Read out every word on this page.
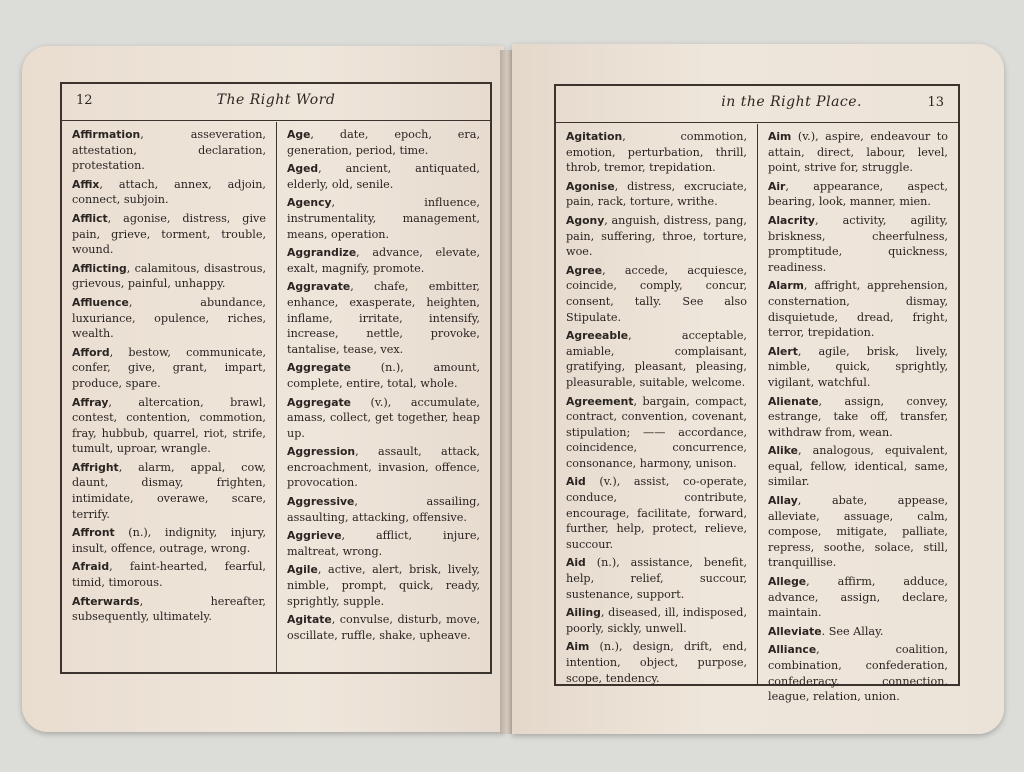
12	The Right Word

Affirmation, asseveration, attestation, declaration, protestation.

Affix, attach, annex, adjoin, connect, subjoin.

Afflict, agonise, distress, give pain, grieve, torment, trouble, wound.

Afflicting, calamitous, disastrous, grievous, painful, unhappy.

Affluence, abundance, luxuriance, opulence, riches, wealth.

Afford, bestow, communicate, confer, give, grant, impart, produce, spare.

Affray, altercation, brawl, contest, contention, commotion, fray, hubbub, quarrel, riot, strife, tumult, uproar, wrangle.

Affright, alarm, appal, cow, daunt, dismay, frighten, intimidate, overawe, scare, terrify.

Affront (n.), indignity, injury, insult, offence, outrage, wrong.

Afraid, faint-hearted, fearful, timid, timorous.

Afterwards, hereafter, subsequently, ultimately.

Age, date, epoch, era, generation, period, time.

Aged, ancient, antiquated, elderly, old, senile.

Agency, influence, instrumentality, management, means, operation.

Aggrandize, advance, elevate, exalt, magnify, promote.

Aggravate, chafe, embitter, enhance, exasperate, heighten, inflame, irritate, intensify, increase, nettle, provoke, tantalise, tease, vex.

Aggregate (n.), amount, complete, entire, total, whole.

Aggregate (v.), accumulate, amass, collect, get together, heap up.

Aggression, assault, attack, encroachment, invasion, offence, provocation.

Aggressive, assailing, assaulting, attacking, offensive.

Aggrieve, afflict, injure, maltreat, wrong.

Agile, active, alert, brisk, lively, nimble, prompt, quick, ready, sprightly, supple.

Agitate, convulse, disturb, move, oscillate, ruffle, shake, upheave.

in the Right Place.	13

Agitation, commotion, emotion, perturbation, thrill, throb, tremor, trepidation.

Agonise, distress, excruciate, pain, rack, torture, writhe.

Agony, anguish, distress, pang, pain, suffering, throe, torture, woe.

Agree, accede, acquiesce, coincide, comply, concur, consent, tally. See also Stipulate.

Agreeable, acceptable, amiable, complaisant, gratifying, pleasant, pleasing, pleasurable, suitable, welcome.

Agreement, bargain, compact, contract, convention, covenant, stipulation; —— accordance, coincidence, concurrence, consonance, harmony, unison.

Aid (v.), assist, co-operate, conduce, contribute, encourage, facilitate, forward, further, help, protect, relieve, succour.

Aid (n.), assistance, benefit, help, relief, succour, sustenance, support.

Ailing, diseased, ill, indisposed, poorly, sickly, unwell.

Aim (n.), design, drift, end, intention, object, purpose, scope, tendency.

Aim (v.), aspire, endeavour to attain, direct, labour, level, point, strive for, struggle.

Air, appearance, aspect, bearing, look, manner, mien.

Alacrity, activity, agility, briskness, cheerfulness, promptitude, quickness, readiness.

Alarm, affright, apprehension, consternation, dismay, disquietude, dread, fright, terror, trepidation.

Alert, agile, brisk, lively, nimble, quick, sprightly, vigilant, watchful.

Alienate, assign, convey, estrange, take off, transfer, withdraw from, wean.

Alike, analogous, equivalent, equal, fellow, identical, same, similar.

Allay, abate, appease, alleviate, assuage, calm, compose, mitigate, palliate, repress, soothe, solace, still, tranquillise.

Allege, affirm, adduce, advance, assign, declare, maintain.

Alleviate. See Allay.

Alliance, coalition, combination, confederation, confederacy, connection, league, relation, union.
